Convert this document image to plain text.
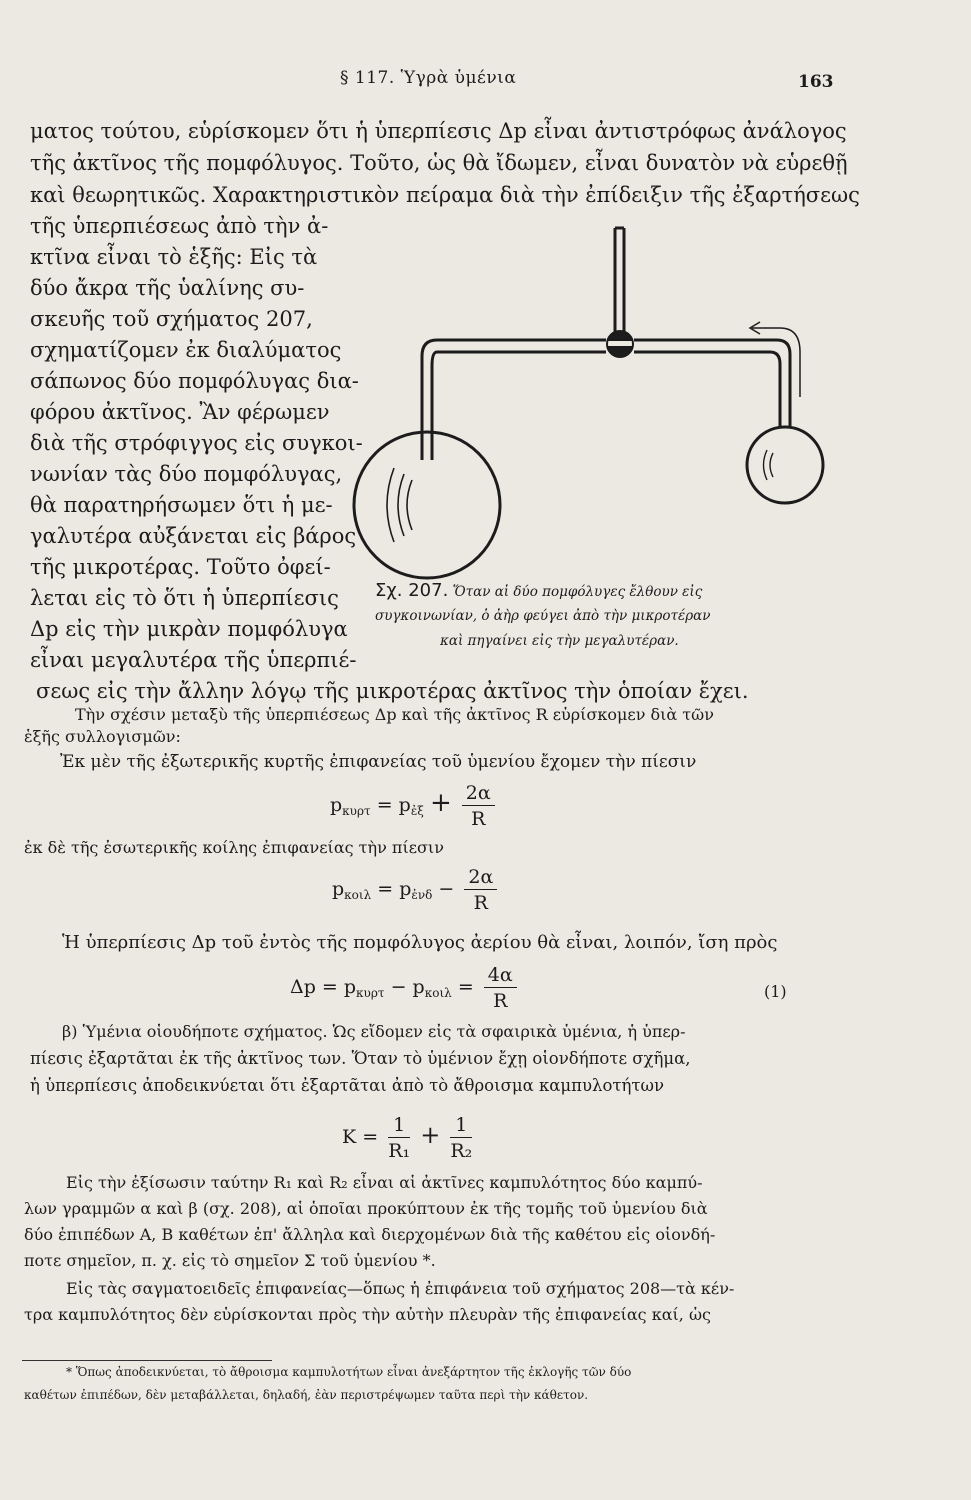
§ 117. Ὑγρὰ ὑμένια	163
ματος τούτου, εὑρίσκομεν ὅτι ἡ ὑπερπίεσις Δp εἶναι ἀντιστρόφως ἀνάλογος
τῆς ἀκτῖνος τῆς πομφόλυγος. Τοῦτο, ὡς θὰ ἴδωμεν, εἶναι δυνατὸν νὰ εὑρεθῇ
καὶ θεωρητικῶς. Χαρακτηριστικὸν πείραμα διὰ τὴν ἐπίδειξιν τῆς ἐξαρτήσεως
τῆς ὑπερπιέσεως ἀπὸ τὴν ἀ-
κτῖνα εἶναι τὸ ἑξῆς: Εἰς τὰ
δύο ἄκρα τῆς ὑαλίνης συ-
σκευῆς τοῦ σχήματος 207,
σχηματίζομεν ἐκ διαλύματος
σάπωνος δύο πομφόλυγας δια-
φόρου ἀκτῖνος. Ἂν φέρωμεν
διὰ τῆς στρόφιγγος εἰς συγκοι-
νωνίαν τὰς δύο πομφόλυγας,
θὰ παρατηρήσωμεν ὅτι ἡ με-
γαλυτέρα αὐξάνεται εἰς βάρος
τῆς μικροτέρας. Τοῦτο ὀφεί-
λεται εἰς τὸ ὅτι ἡ ὑπερπίεσις
Δp εἰς τὴν μικρὰν πομφόλυγα
εἶναι μεγαλυτέρα τῆς ὑπερπιέ-
σεως εἰς τὴν ἄλλην λόγῳ τῆς μικροτέρας ἀκτῖνος τὴν ὁποίαν ἔχει.
Σχ. 207. Ὅταν αἱ δύο πομφόλυγες ἔλθουν εἰς
συγκοινωνίαν, ὁ ἀὴρ φεύγει ἀπὸ τὴν μικροτέραν
καὶ πηγαίνει εἰς τὴν μεγαλυτέραν.
Τὴν σχέσιν μεταξὺ τῆς ὑπερπιέσεως Δp καὶ τῆς ἀκτῖνος R εὑρίσκομεν διὰ τῶν
ἑξῆς συλλογισμῶν:
Ἐκ μὲν τῆς ἐξωτερικῆς κυρτῆς ἐπιφανείας τοῦ ὑμενίου ἔχομεν τὴν πίεσιν
$p_{\kappa\upsilon\rho\tau} = p_{ἐ\xi} + \frac{2\alpha}{R}$
ἐκ δὲ τῆς ἐσωτερικῆς κοίλης ἐπιφανείας τὴν πίεσιν
$p_{\kappa o\iota\lambda} = p_{ἐ\nu\delta} - \frac{2\alpha}{R}$
Ἡ ὑπερπίεσις Δp τοῦ ἐντὸς τῆς πομφόλυγος ἀερίου θὰ εἶναι, λοιπόν, ἴση πρὸς
$\Delta p = p_{\kappa\upsilon\rho\tau} - p_{\kappa o\iota\lambda} = \frac{4\alpha}{R}$	(1)
β) Ὑμένια οἱουδήποτε σχήματος. Ὡς εἴδομεν εἰς τὰ σφαιρικὰ ὑμένια, ἡ ὑπερ-
πίεσις ἐξαρτᾶται ἐκ τῆς ἀκτῖνος των. Ὅταν τὸ ὑμένιον ἔχῃ οἱονδήποτε σχῆμα,
ἡ ὑπερπίεσις ἀποδεικνύεται ὅτι ἐξαρτᾶται ἀπὸ τὸ ἄθροισμα καμπυλοτήτων
$K = \frac{1}{\text{R₁}} + \frac{1}{\text{R₂}}$
Εἰς τὴν ἐξίσωσιν ταύτην R₁ καὶ R₂ εἶναι αἱ ἀκτῖνες καμπυλότητος δύο καμπύ-
λων γραμμῶν α καὶ β (σχ. 208), αἱ ὁποῖαι προκύπτουν ἐκ τῆς τομῆς τοῦ ὑμενίου διὰ
δύο ἐπιπέδων A, B καθέτων ἐπ' ἄλληλα καὶ διερχομένων διὰ τῆς καθέτου εἰς οἱονδή-
ποτε σημεῖον, π. χ. εἰς τὸ σημεῖον Σ τοῦ ὑμενίου *.
Εἰς τὰς σαγματοειδεῖς ἐπιφανείας—ὅπως ἡ ἐπιφάνεια τοῦ σχήματος 208—τὰ κέν-
τρα καμπυλότητος δὲν εὑρίσκονται πρὸς τὴν αὐτὴν πλευρὰν τῆς ἐπιφανείας καί, ὡς
* Ὅπως ἀποδεικνύεται, τὸ ἄθροισμα καμπυλοτήτων εἶναι ἀνεξάρτητον τῆς ἐκλογῆς τῶν δύο
καθέτων ἐπιπέδων, δὲν μεταβάλλεται, δηλαδή, ἐὰν περιστρέψωμεν ταῦτα περὶ τὴν κάθετον.
